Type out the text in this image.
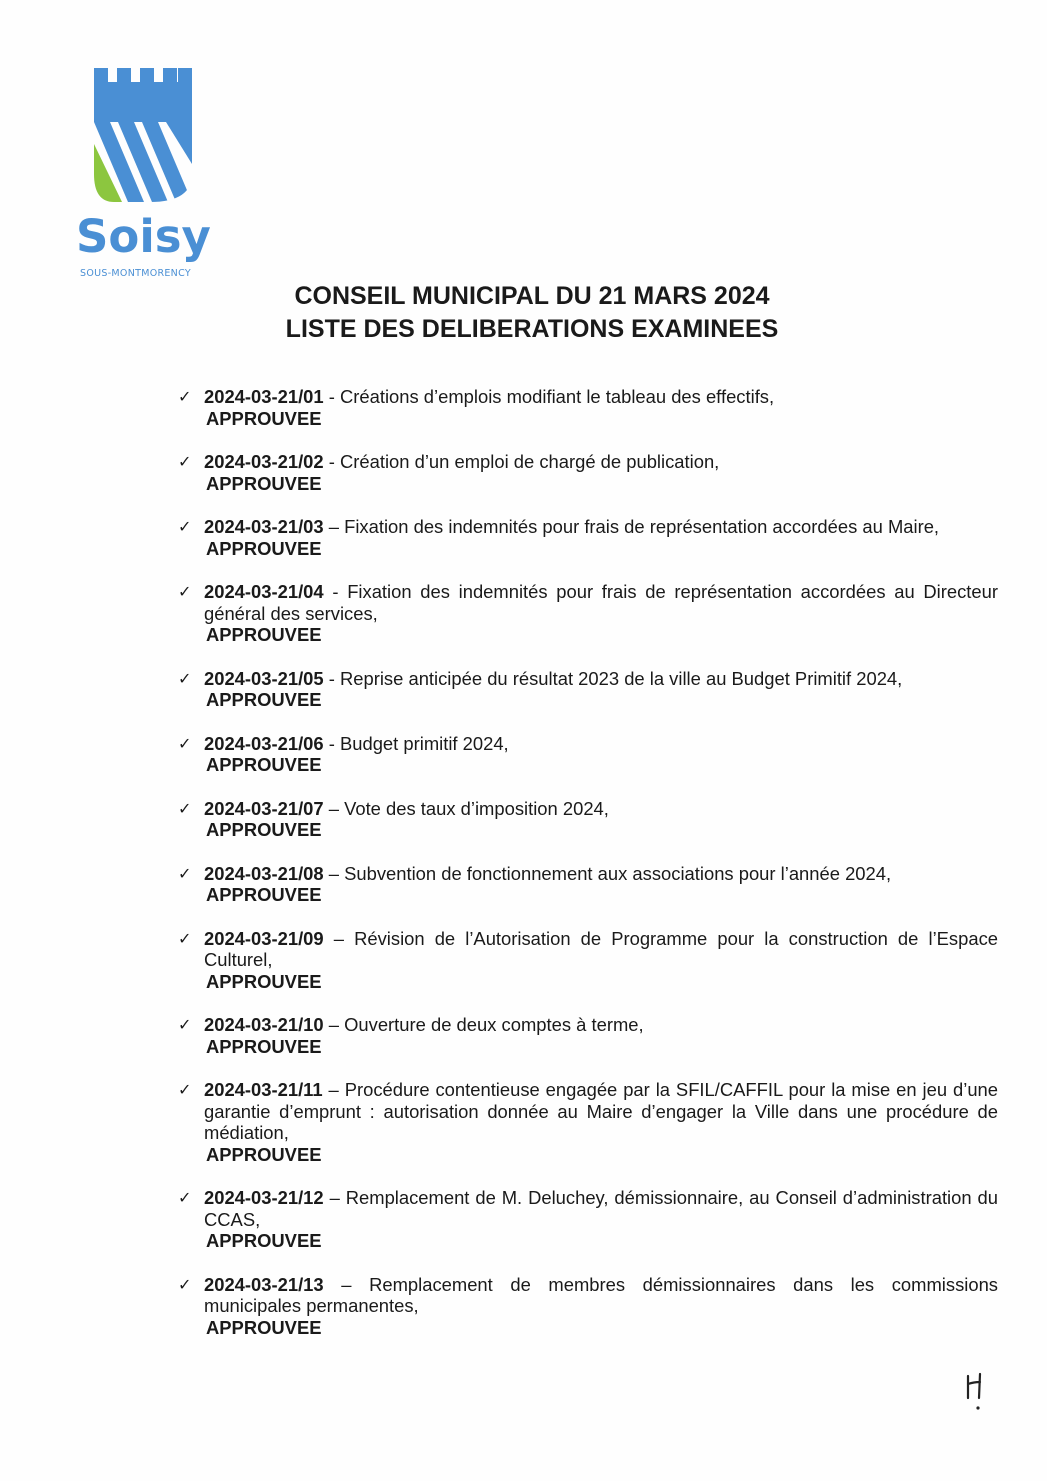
Soisy
SOUS-MONTMORENCY
CONSEIL MUNICIPAL DU 21 MARS 2024
LISTE DES DELIBERATIONS EXAMINEES
✓ 2024-03-21/01 - Créations d’emplois modifiant le tableau des effectifs,
APPROUVEE
✓ 2024-03-21/02 - Création d’un emploi de chargé de publication,
APPROUVEE
✓ 2024-03-21/03 – Fixation des indemnités pour frais de représentation accordées au Maire,
APPROUVEE
✓ 2024-03-21/04 - Fixation des indemnités pour frais de représentation accordées au Directeur général des services,
APPROUVEE
✓ 2024-03-21/05 - Reprise anticipée du résultat 2023 de la ville au Budget Primitif 2024,
APPROUVEE
✓ 2024-03-21/06 - Budget primitif 2024,
APPROUVEE
✓ 2024-03-21/07 – Vote des taux d’imposition 2024,
APPROUVEE
✓ 2024-03-21/08 – Subvention de fonctionnement aux associations pour l’année 2024,
APPROUVEE
✓ 2024-03-21/09 – Révision de l’Autorisation de Programme pour la construction de l’Espace Culturel,
APPROUVEE
✓ 2024-03-21/10 – Ouverture de deux comptes à terme,
APPROUVEE
✓ 2024-03-21/11 – Procédure contentieuse engagée par la SFIL/CAFFIL pour la mise en jeu d’une garantie d’emprunt : autorisation donnée au Maire d’engager la Ville dans une procédure de médiation,
APPROUVEE
✓ 2024-03-21/12 – Remplacement de M. Deluchey, démissionnaire, au Conseil d’administration du CCAS,
APPROUVEE
✓ 2024-03-21/13 – Remplacement de membres démissionnaires dans les commissions municipales permanentes,
APPROUVEE
